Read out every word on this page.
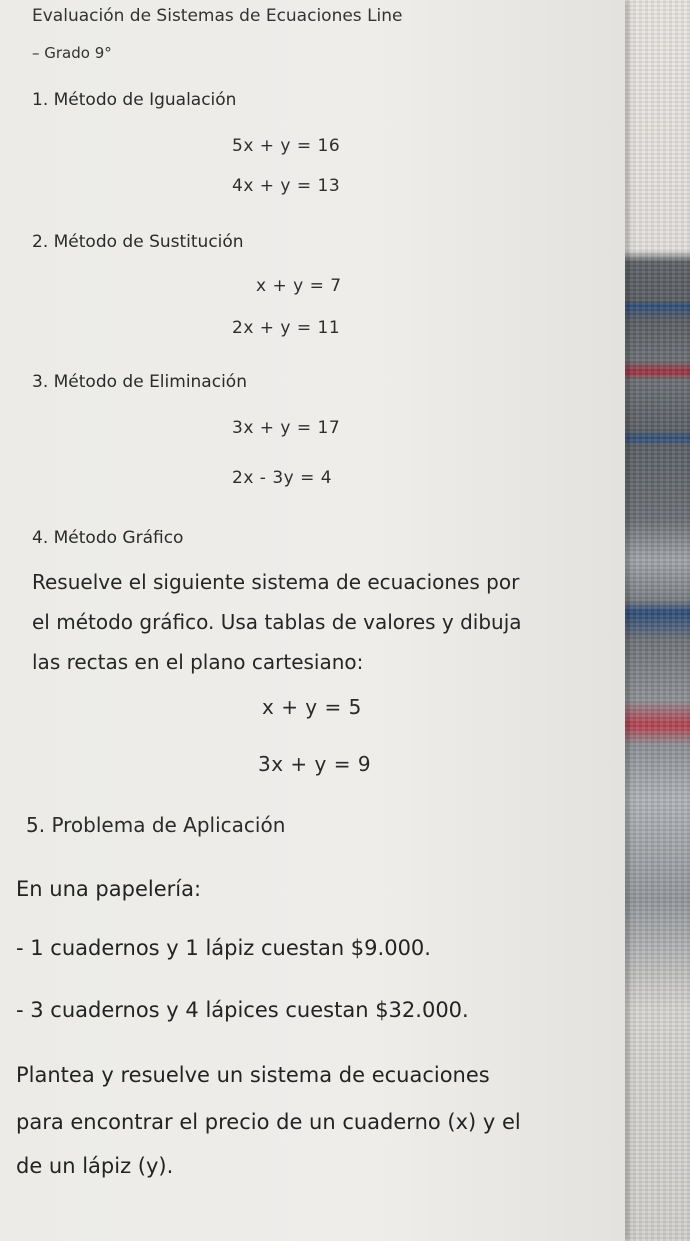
Evaluación de Sistemas de Ecuaciones Line
– Grado 9°
1. Método de Igualación
5x + y = 16
4x + y = 13
2. Método de Sustitución
x + y = 7
2x + y = 11
3. Método de Eliminación
3x + y = 17
2x - 3y = 4
4. Método Gráfico
Resuelve el siguiente sistema de ecuaciones por
el método gráfico. Usa tablas de valores y dibuja
las rectas en el plano cartesiano:
x + y = 5
3x + y = 9
5. Problema de Aplicación
En una papelería:
- 1 cuadernos y 1 lápiz cuestan $9.000.
- 3 cuadernos y 4 lápices cuestan $32.000.
Plantea y resuelve un sistema de ecuaciones
para encontrar el precio de un cuaderno (x) y el
de un lápiz (y).
